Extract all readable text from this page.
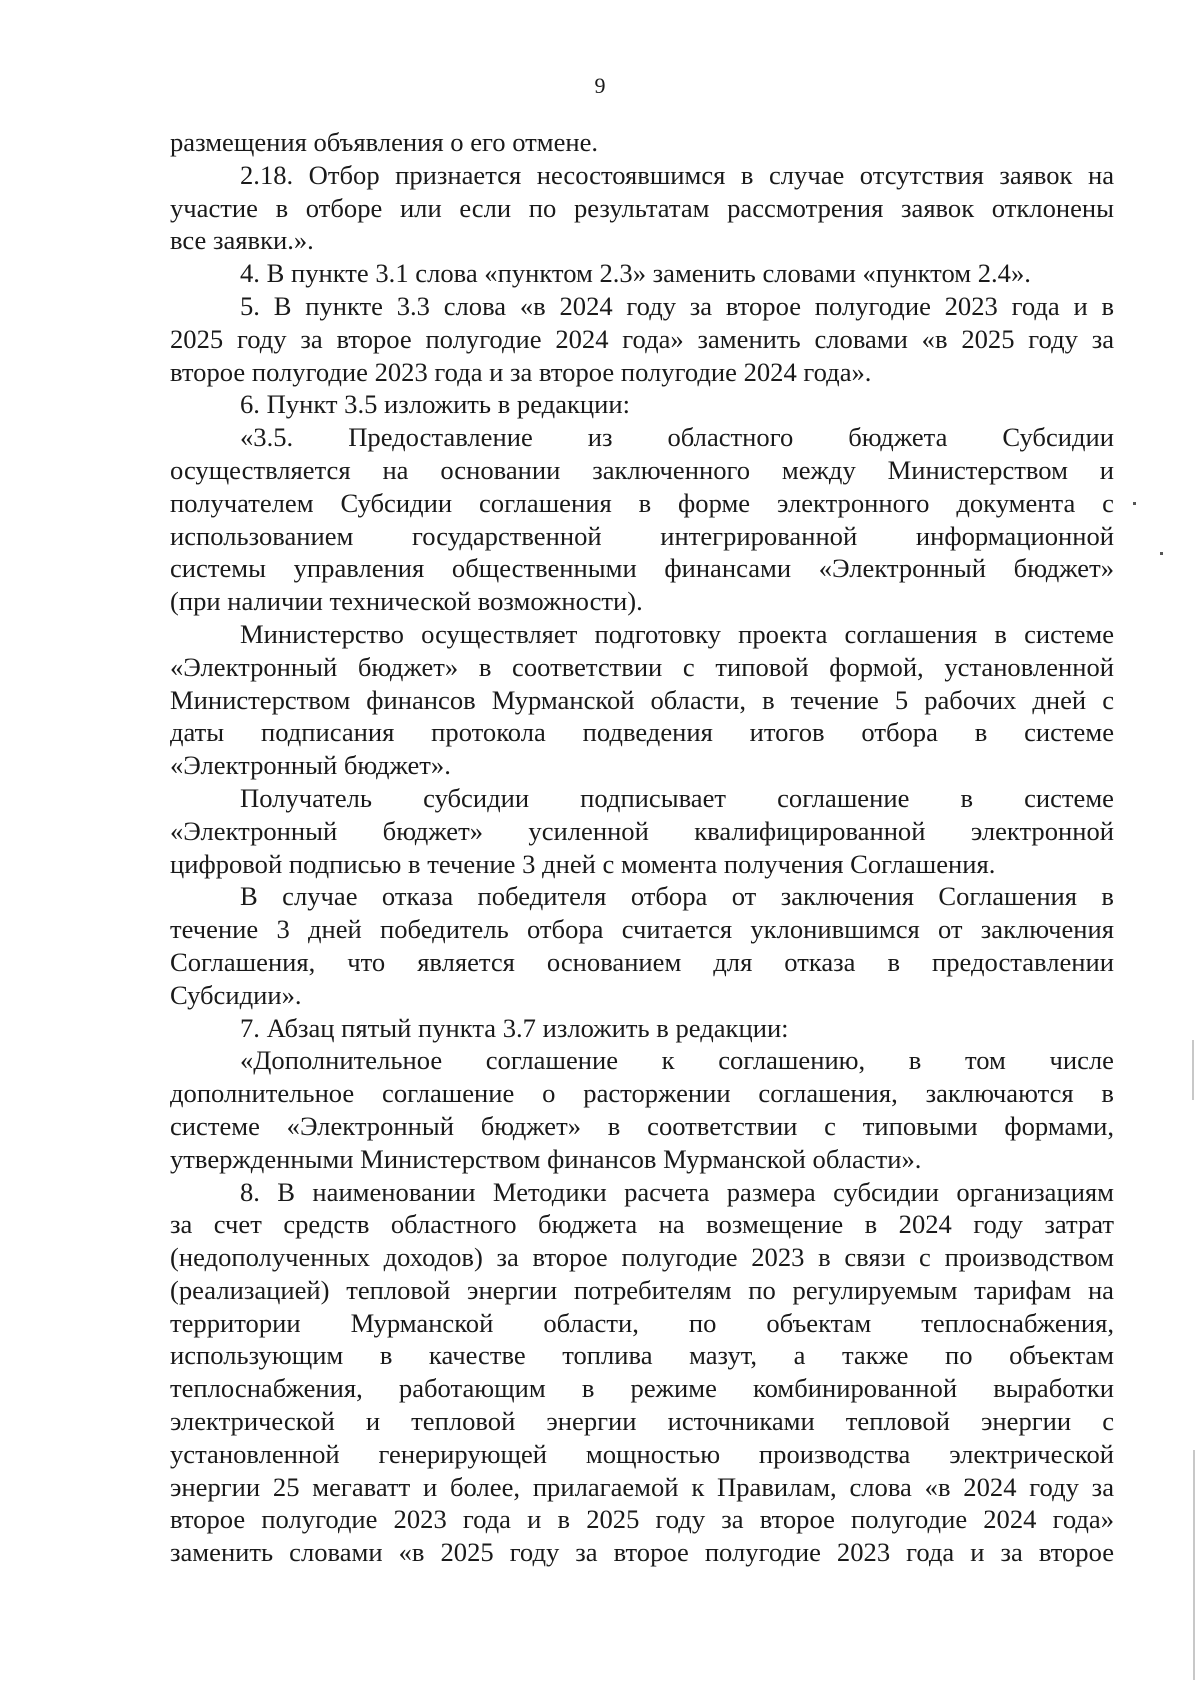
9
размещения объявления о его отмене.
2.18. Отбор признается несостоявшимся в случае отсутствия заявок на
участие в отборе или если по результатам рассмотрения заявок отклонены
все заявки.».
4. В пункте 3.1 слова «пунктом 2.3» заменить словами «пунктом 2.4».
5. В пункте 3.3 слова «в 2024 году за второе полугодие 2023 года и в
2025 году за второе полугодие 2024 года» заменить словами «в 2025 году за
второе полугодие 2023 года и за второе полугодие 2024 года».
6. Пункт 3.5 изложить в редакции:
«3.5. Предоставление из областного бюджета Субсидии
осуществляется на основании заключенного между Министерством и
получателем Субсидии соглашения в форме электронного документа с
использованием государственной интегрированной информационной
системы управления общественными финансами «Электронный бюджет»
(при наличии технической возможности).
Министерство осуществляет подготовку проекта соглашения в системе
«Электронный бюджет» в соответствии с типовой формой, установленной
Министерством финансов Мурманской области, в течение 5 рабочих дней с
даты подписания протокола подведения итогов отбора в системе
«Электронный бюджет».
Получатель субсидии подписывает соглашение в системе
«Электронный бюджет» усиленной квалифицированной электронной
цифровой подписью в течение 3 дней с момента получения Соглашения.
В случае отказа победителя отбора от заключения Соглашения в
течение 3 дней победитель отбора считается уклонившимся от заключения
Соглашения, что является основанием для отказа в предоставлении
Субсидии».
7. Абзац пятый пункта 3.7 изложить в редакции:
«Дополнительное соглашение к соглашению, в том числе
дополнительное соглашение о расторжении соглашения, заключаются в
системе «Электронный бюджет» в соответствии с типовыми формами,
утвержденными Министерством финансов Мурманской области».
8. В наименовании Методики расчета размера субсидии организациям
за счет средств областного бюджета на возмещение в 2024 году затрат
(недополученных доходов) за второе полугодие 2023 в связи с производством
(реализацией) тепловой энергии потребителям по регулируемым тарифам на
территории Мурманской области, по объектам теплоснабжения,
использующим в качестве топлива мазут, а также по объектам
теплоснабжения, работающим в режиме комбинированной выработки
электрической и тепловой энергии источниками тепловой энергии с
установленной генерирующей мощностью производства электрической
энергии 25 мегаватт и более, прилагаемой к Правилам, слова «в 2024 году за
второе полугодие 2023 года и в 2025 году за второе полугодие 2024 года»
заменить словами «в 2025 году за второе полугодие 2023 года и за второе
